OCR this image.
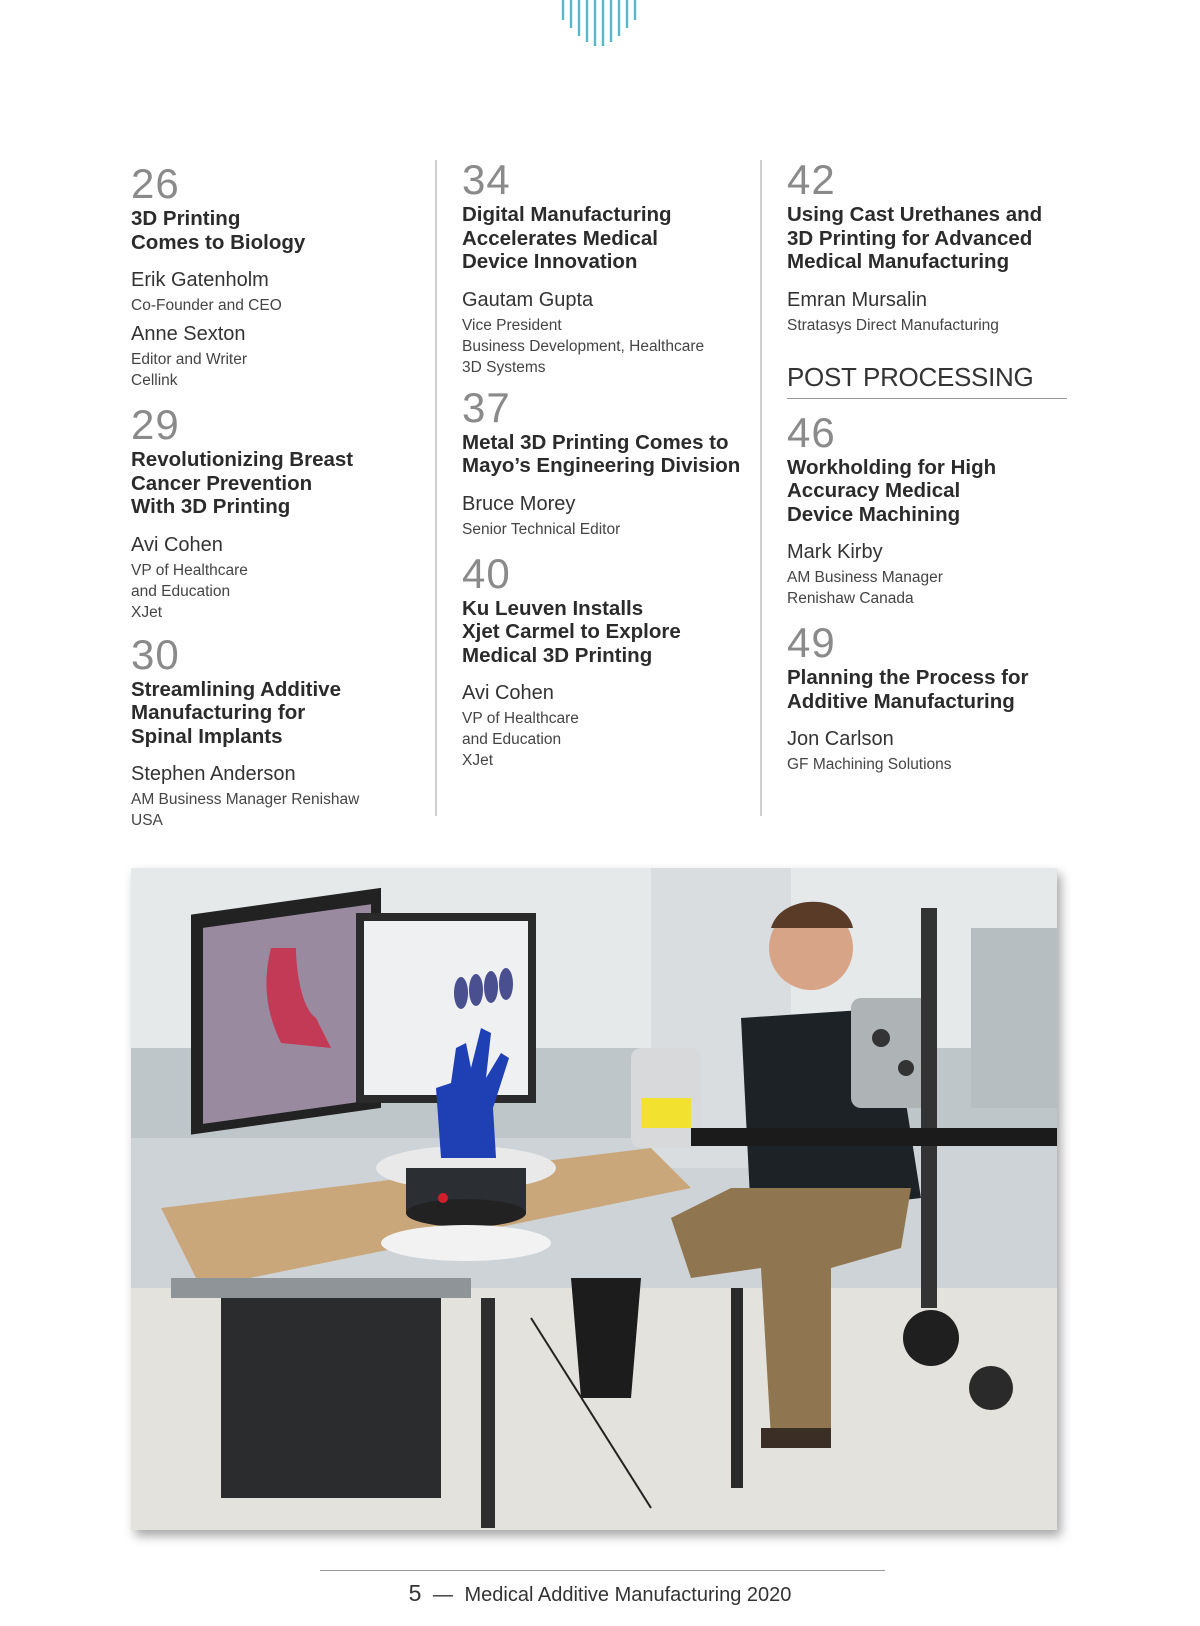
26
3D Printing
Comes to Biology
Erik Gatenholm
Co-Founder and CEO
Anne Sexton
Editor and Writer
Cellink
29
Revolutionizing Breast
Cancer Prevention
With 3D Printing
Avi Cohen
VP of Healthcare
and Education
XJet
30
Streamlining Additive
Manufacturing for
Spinal Implants
Stephen Anderson
AM Business Manager Renishaw
USA
34
Digital Manufacturing
Accelerates Medical
Device Innovation
Gautam Gupta
Vice President
Business Development, Healthcare
3D Systems
37
Metal 3D Printing Comes to
Mayo’s Engineering Division
Bruce Morey
Senior Technical Editor
40
Ku Leuven Installs
Xjet Carmel to Explore
Medical 3D Printing
Avi Cohen
VP of Healthcare
and Education
XJet
42
Using Cast Urethanes and
3D Printing for Advanced
Medical Manufacturing
Emran Mursalin
Stratasys Direct Manufacturing
POST PROCESSING
46
Workholding for High
Accuracy Medical
Device Machining
Mark Kirby
AM Business Manager
Renishaw Canada
49
Planning the Process for
Additive Manufacturing
Jon Carlson
GF Machining Solutions
5 — Medical Additive Manufacturing 2020
